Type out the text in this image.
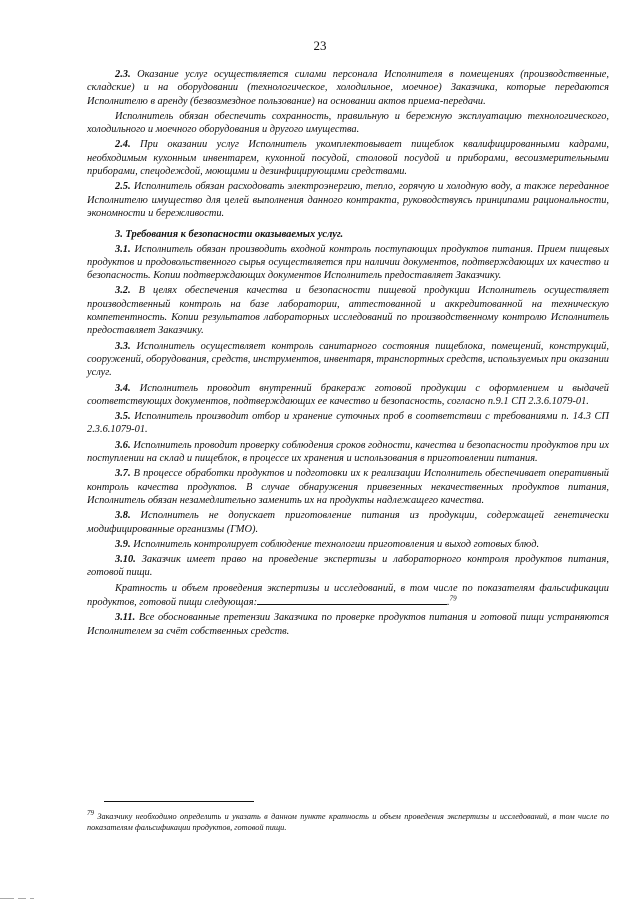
23

2.3. Оказание услуг осуществляется силами персонала Исполнителя в помещениях (производственные, складские) и на оборудовании (технологическое, холодильное, моечное) Заказчика, которые передаются Исполнителю в аренду (безвозмездное пользование) на основании актов приема-передачи.

Исполнитель обязан обеспечить сохранность, правильную и бережную эксплуатацию технологического, холодильного и моечного оборудования и другого имущества.

2.4. При оказании услуг Исполнитель укомплектовывает пищеблок квалифицированными кадрами, необходимым кухонным инвентарем, кухонной посудой, столовой посудой и приборами, весоизмерительными приборами, спецодеждой, моющими и дезинфицирующими средствами.

2.5. Исполнитель обязан расходовать электроэнергию, тепло, горячую и холодную воду, а также переданное Исполнителю имущество для целей выполнения данного контракта, руководствуясь принципами рациональности, экономности и бережливости.

3. Требования к безопасности оказываемых услуг.

3.1. Исполнитель обязан производить входной контроль поступающих продуктов питания. Прием пищевых продуктов и продовольственного сырья осуществляется при наличии документов, подтверждающих их качество и безопасность. Копии подтверждающих документов Исполнитель предоставляет Заказчику.

3.2. В целях обеспечения качества и безопасности пищевой продукции Исполнитель осуществляет производственный контроль на базе лаборатории, аттестованной и аккредитованной на техническую компетентность. Копии результатов лабораторных исследований по производственному контролю Исполнитель предоставляет Заказчику.

3.3. Исполнитель осуществляет контроль санитарного состояния пищеблока, помещений, конструкций, сооружений, оборудования, средств, инструментов, инвентаря, транспортных средств, используемых при оказании услуг.

3.4. Исполнитель проводит внутренний бракераж готовой продукции с оформлением и выдачей соответствующих документов, подтверждающих ее качество и безопасность, согласно п.9.1 СП 2.3.6.1079-01.

3.5. Исполнитель производит отбор и хранение суточных проб в соответствии с требованиями п. 14.3 СП 2.3.6.1079-01.

3.6. Исполнитель проводит проверку соблюдения сроков годности, качества и безопасности продуктов при их поступлении на склад и пищеблок, в процессе их хранения и использования в приготовлении питания.

3.7. В процессе обработки продуктов и подготовки их к реализации Исполнитель обеспечивает оперативный контроль качества продуктов. В случае обнаружения привезенных некачественных продуктов питания, Исполнитель обязан незамедлительно заменить их на продукты надлежащего качества.

3.8. Исполнитель не допускает приготовление питания из продукции, содержащей генетически модифицированные организмы (ГМО).

3.9. Исполнитель контролирует соблюдение технологии приготовления и выход готовых блюд.

3.10. Заказчик имеет право на проведение экспертизы и лабораторного контроля продуктов питания, готовой пищи.

Кратность и объем проведения экспертизы и исследований, в том числе по показателям фальсификации продуктов, готовой пищи следующая:	.$^{79}$

3.11. Все обоснованные претензии Заказчика по проверке продуктов питания и готовой пищи устраняются Исполнителем за счёт собственных средств.

$^{79}$ Заказчику необходимо определить и указать в данном пункте кратность и объем проведения экспертизы и исследований, в том числе по показателям фальсификации продуктов, готовой пищи.
